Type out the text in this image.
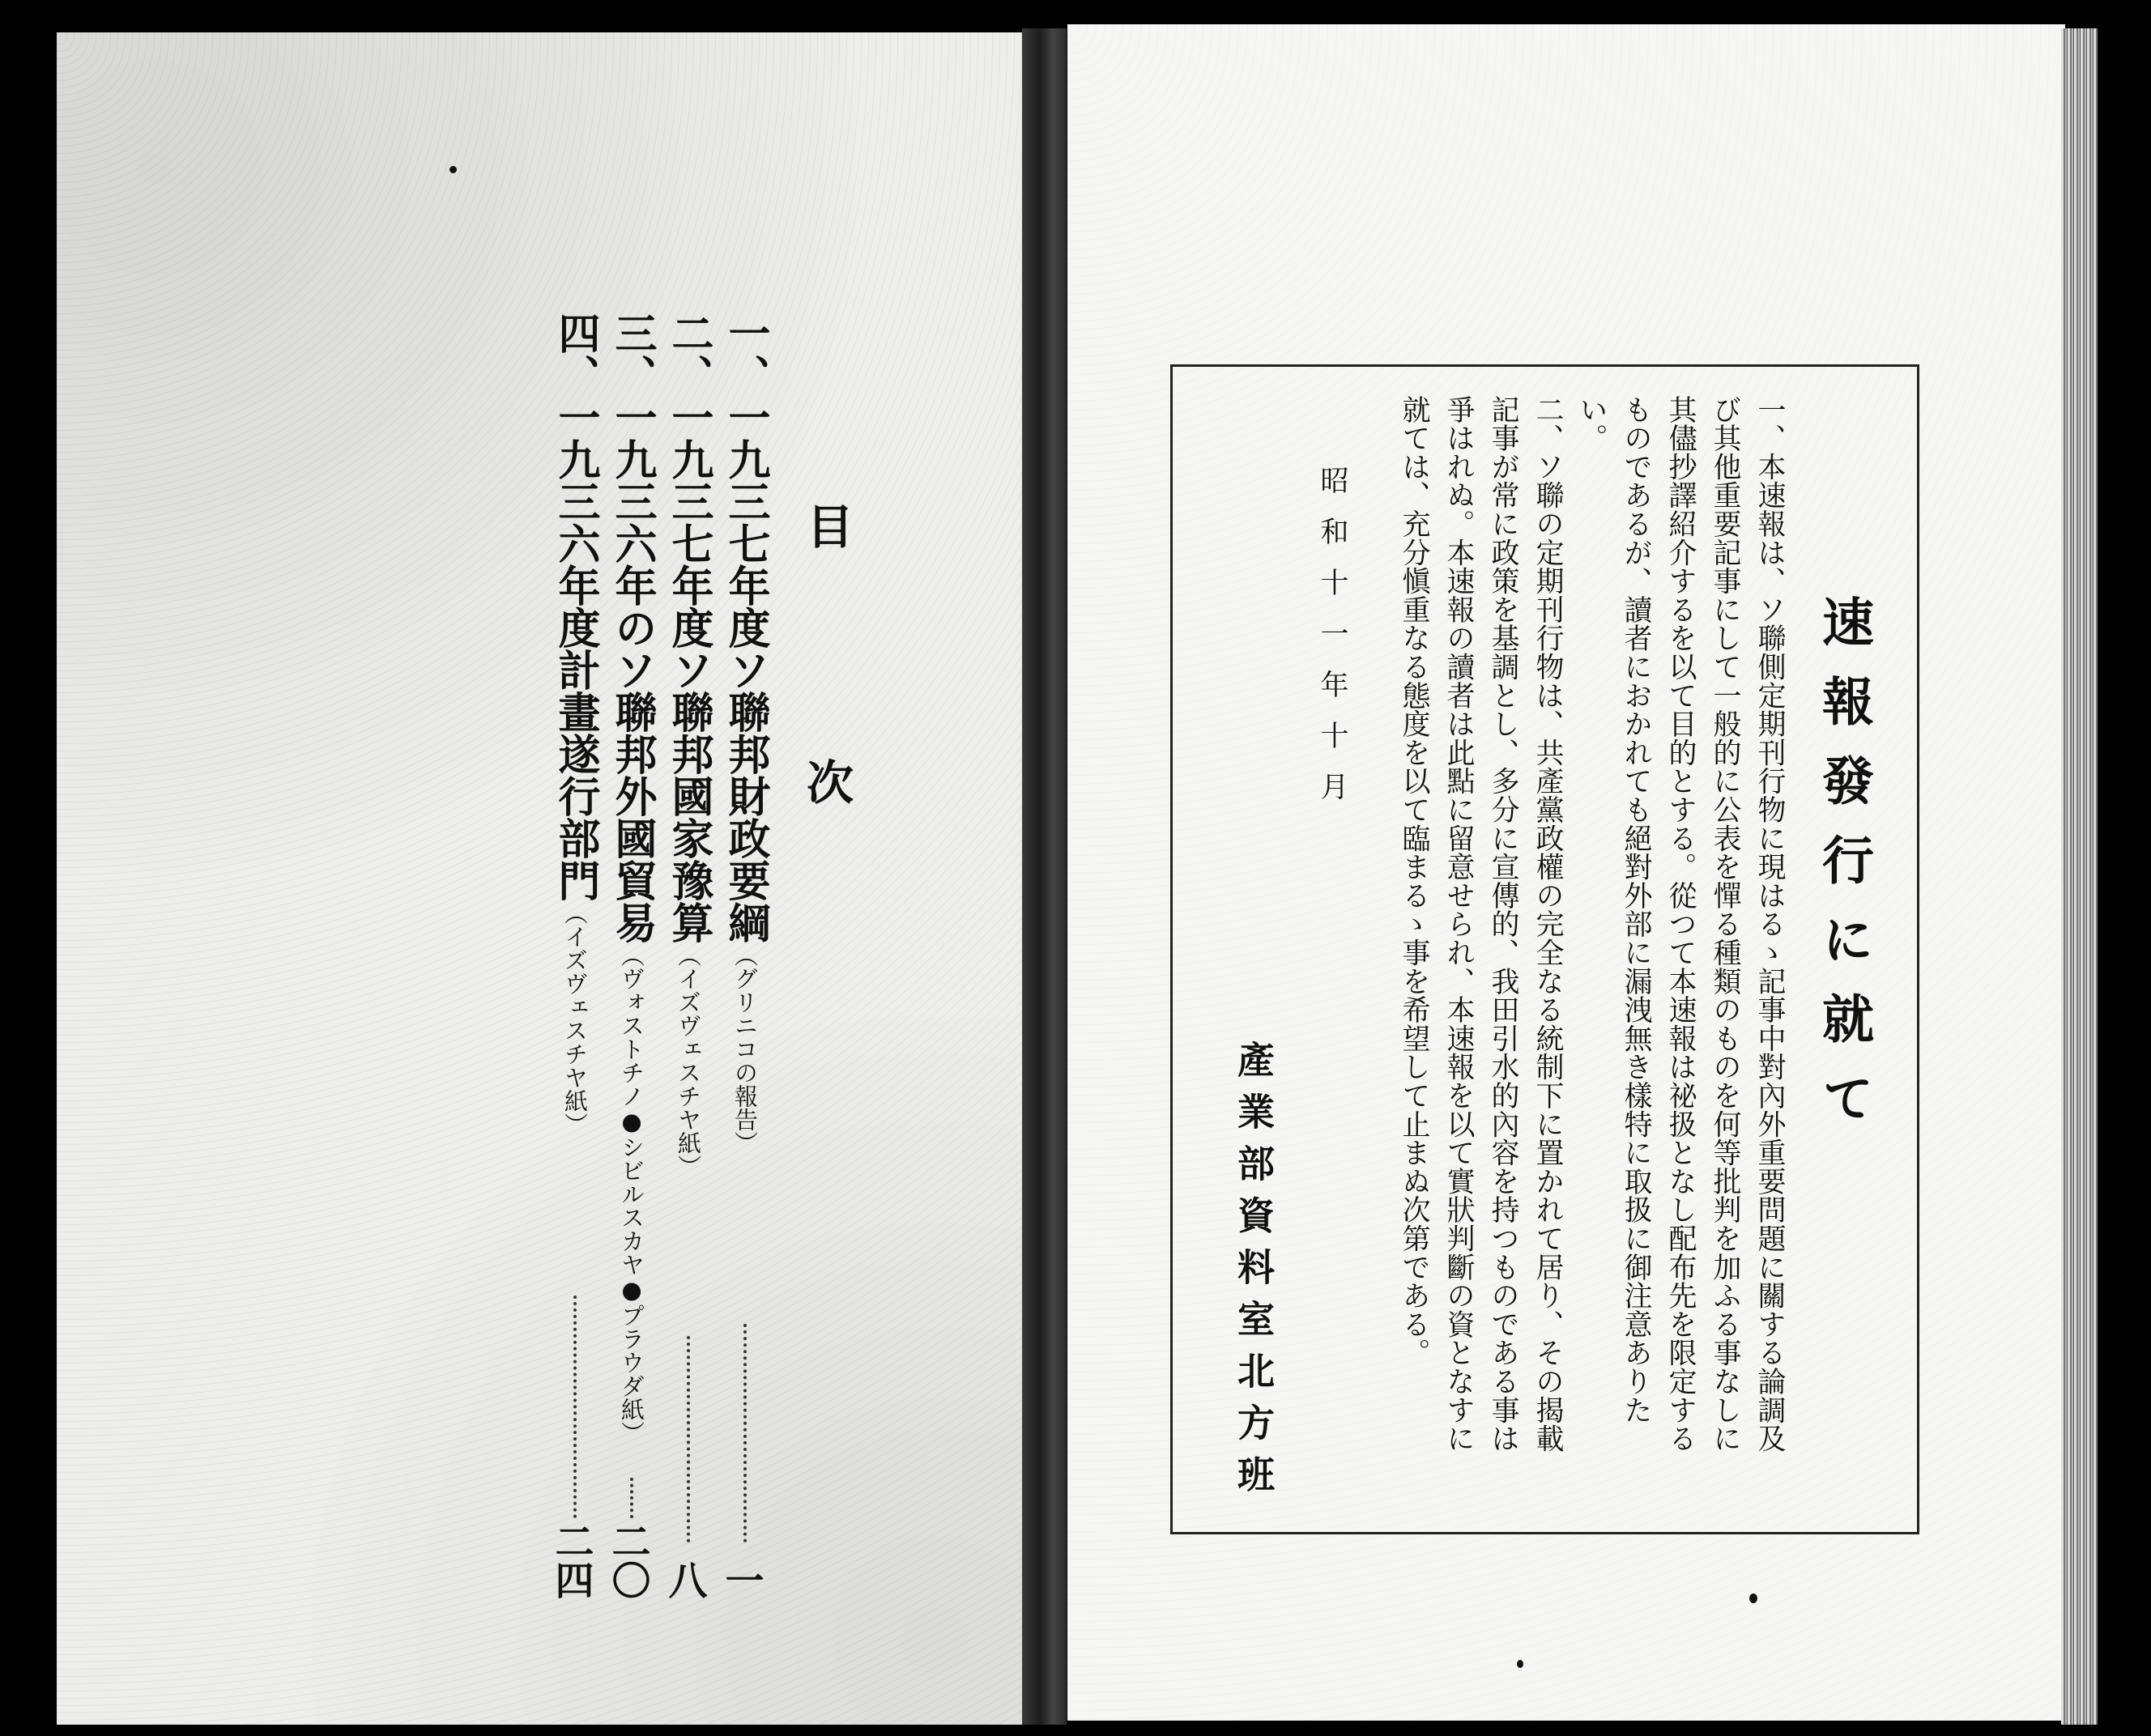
目　次

一、一九三七年度ソ聯邦財政要綱（グリニコの報告）
一
二、一九三七年度ソ聯邦國家豫算（イズヴェスチヤ紙）
八
三、一九三六年のソ聯邦外國貿易（ヴォストチノ●シビルスカヤ●プラウダ紙）
二〇
四、一九三六年度計畫遂行部門（イズヴェスチヤ紙）
二四

速報發行に就て

一、本速報は、ソ聯側定期刊行物に現はるゝ記事中對內外重要問題に關する論調及び其他重要記事にして一般的に公表を憚る種類のものを何等批判を加ふる事なしに其儘抄譯紹介するを以て目的とする。從つて本速報は祕扱となし配布先を限定するものであるが、讀者におかれても絕對外部に漏洩無き樣特に取扱に御注意ありたい。

二、ソ聯の定期刊行物は、共產黨政權の完全なる統制下に置かれて居り、その揭載記事が常に政策を基調とし、多分に宣傳的、我田引水的內容を持つものである事は爭はれぬ。本速報の讀者は此點に留意せられ、本速報を以て實狀判斷の資となすに就ては、充分愼重なる態度を以て臨まるゝ事を希望して止まぬ次第である。

昭和十一年十月

產業部資料室北方班
